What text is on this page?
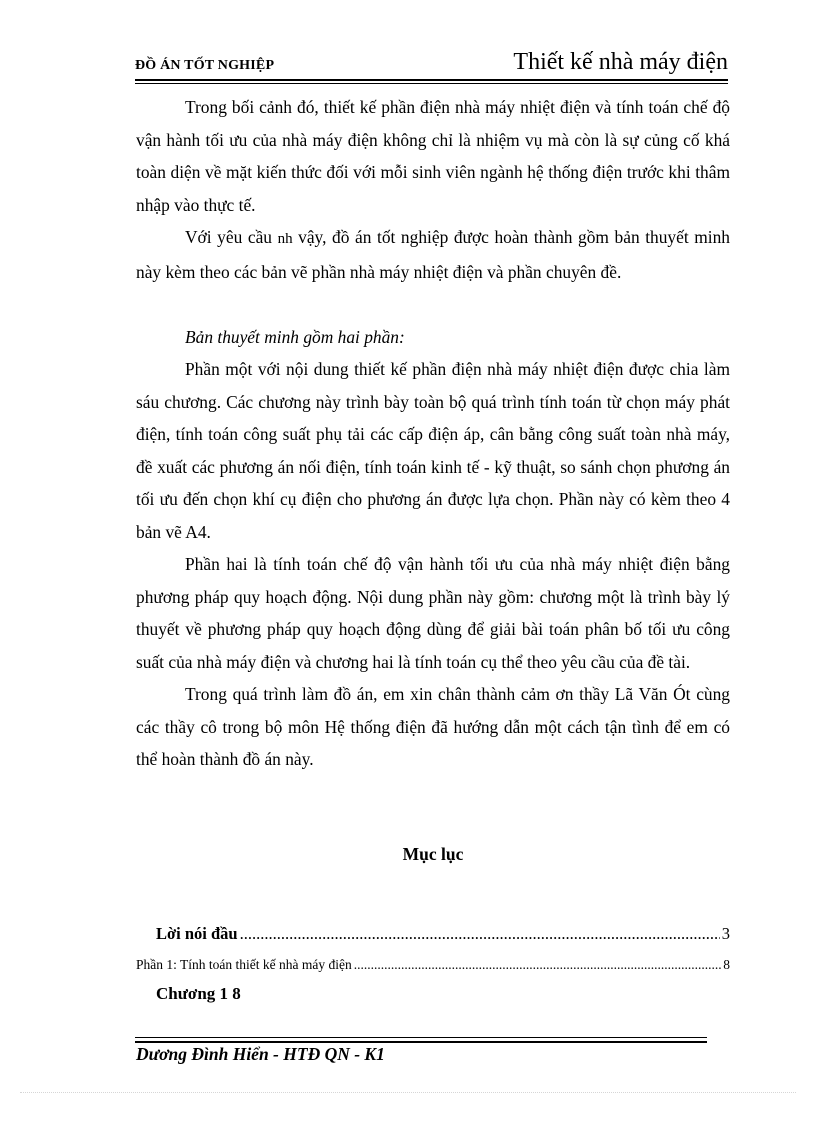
ĐỒ ÁN TỐT NGHIỆP	Thiết kế nhà máy điện

Trong bối cảnh đó, thiết kế phần điện nhà máy nhiệt điện và tính toán chế độ vận hành tối ưu của nhà máy điện không chỉ là nhiệm vụ mà còn là sự củng cố khá toàn diện về mặt kiến thức đối với mỗi sinh viên ngành hệ thống điện trước khi thâm nhập vào thực tế.

Với yêu cầu nh vậy, đồ án tốt nghiệp được hoàn thành gồm bản thuyết minh này kèm theo các bản vẽ phần nhà máy nhiệt điện và phần chuyên đề.

Bản thuyết minh gồm hai phần:

Phần một với nội dung thiết kế phần điện nhà máy nhiệt điện được chia làm sáu chương. Các chương này trình bày toàn bộ quá trình tính toán từ chọn máy phát điện, tính toán công suất phụ tải các cấp điện áp, cân bằng công suất toàn nhà máy, đề xuất các phương án nối điện, tính toán kinh tế - kỹ thuật, so sánh chọn phương án tối ưu đến chọn khí cụ điện cho phương án được lựa chọn. Phần này có kèm theo 4 bản vẽ A4.

Phần hai là tính toán chế độ vận hành tối ưu của nhà máy nhiệt điện bằng phương pháp quy hoạch động. Nội dung phần này gồm: chương một là trình bày lý thuyết về phương pháp quy hoạch động dùng để giải bài toán phân bố tối ưu công suất của nhà máy điện và chương hai là tính toán cụ thể theo yêu cầu của đề tài.

Trong quá trình làm đồ án, em xin chân thành cảm ơn thầy Lã Văn Ót cùng các thầy cô trong bộ môn Hệ thống điện đã hướng dẫn một cách tận tình để em có thể hoàn thành đồ án này.

Mục lục
Lời nói đầu .....	3
Phần 1: Tính toán thiết kế nhà máy điện .....	8
Chương 1 8
Dương Đình Hiển - HTĐ QN - K1
